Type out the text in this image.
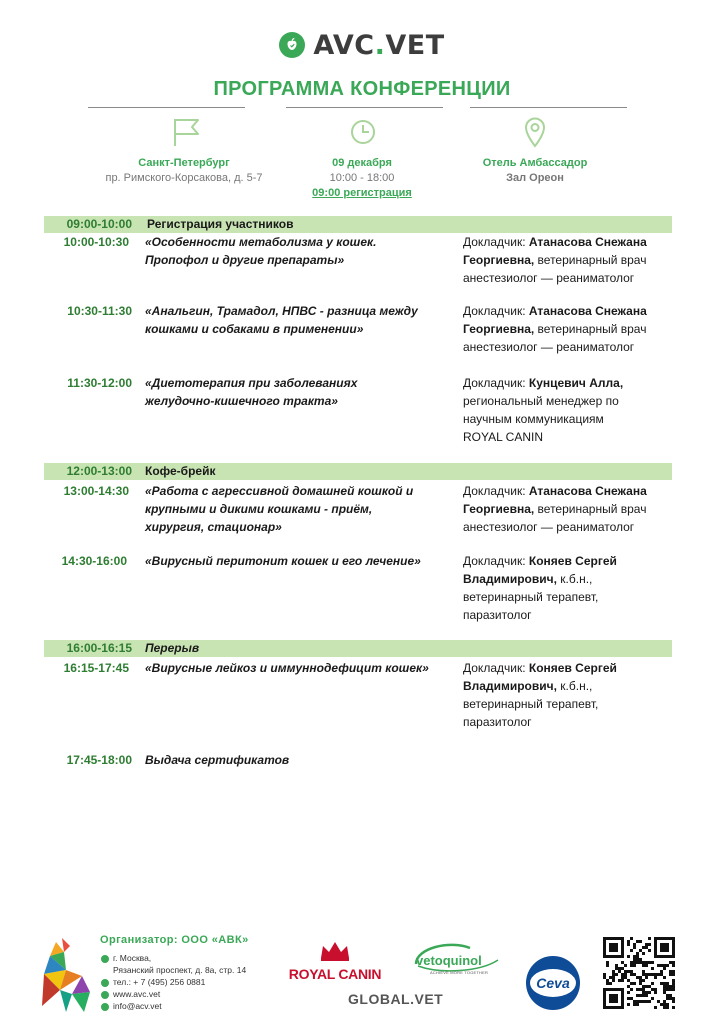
AVC.VET
ПРОГРАММА КОНФЕРЕНЦИИ
Санкт-Петербург
пр. Римского-Корсакова, д. 5-7
09 декабря
10:00 - 18:00
09:00 регистрация
Отель Амбассадор
Зал Ореон
09:00-10:00 Регистрация участников
10:00-10:30 «Особенности метаболизма у кошек.
Пропофол и другие препараты»
Докладчик: Атанасова Снежана
Георгиевна, ветеринарный врач
анестезиолог — реаниматолог
10:30-11:30 «Анальгин, Трамадол, НПВС - разница между
кошками и собаками в применении»
Докладчик: Атанасова Снежана
Георгиевна, ветеринарный врач
анестезиолог — реаниматолог
11:30-12:00 «Диетотерапия при заболеваниях
желудочно-кишечного тракта»
Докладчик: Кунцевич Алла,
региональный менеджер по
научным коммуникациям
ROYAL CANIN
12:00-13:00 Кофе-брейк
13:00-14:30 «Работа с агрессивной домашней кошкой и
крупными и дикими кошками - приём,
хирургия, стационар»
Докладчик: Атанасова Снежана
Георгиевна, ветеринарный врач
анестезиолог — реаниматолог
14:30-16:00 «Вирусный перитонит кошек и его лечение»	Докладчик: Коняев Сергей
Владимирович, к.б.н.,
ветеринарный терапевт,
паразитолог
16:00-16:15 Перерыв
16:15-17:45 «Вирусные лейкоз и иммуннодефицит кошек»	Докладчик: Коняев Сергей
Владимирович, к.б.н.,
ветеринарный терапевт,
паразитолог
17:45-18:00 Выдача сертификатов
Организатор: ООО «АВК»
г. Москва,
Рязанский проспект, д. 8а, стр. 14
тел.: + 7 (495) 256 0881
www.avc.vet
info@acv.vet
ROYAL CANIN
vetoquinol
ACHIEVE MORE TOGETHER
GLOBAL.VET
Ceva
